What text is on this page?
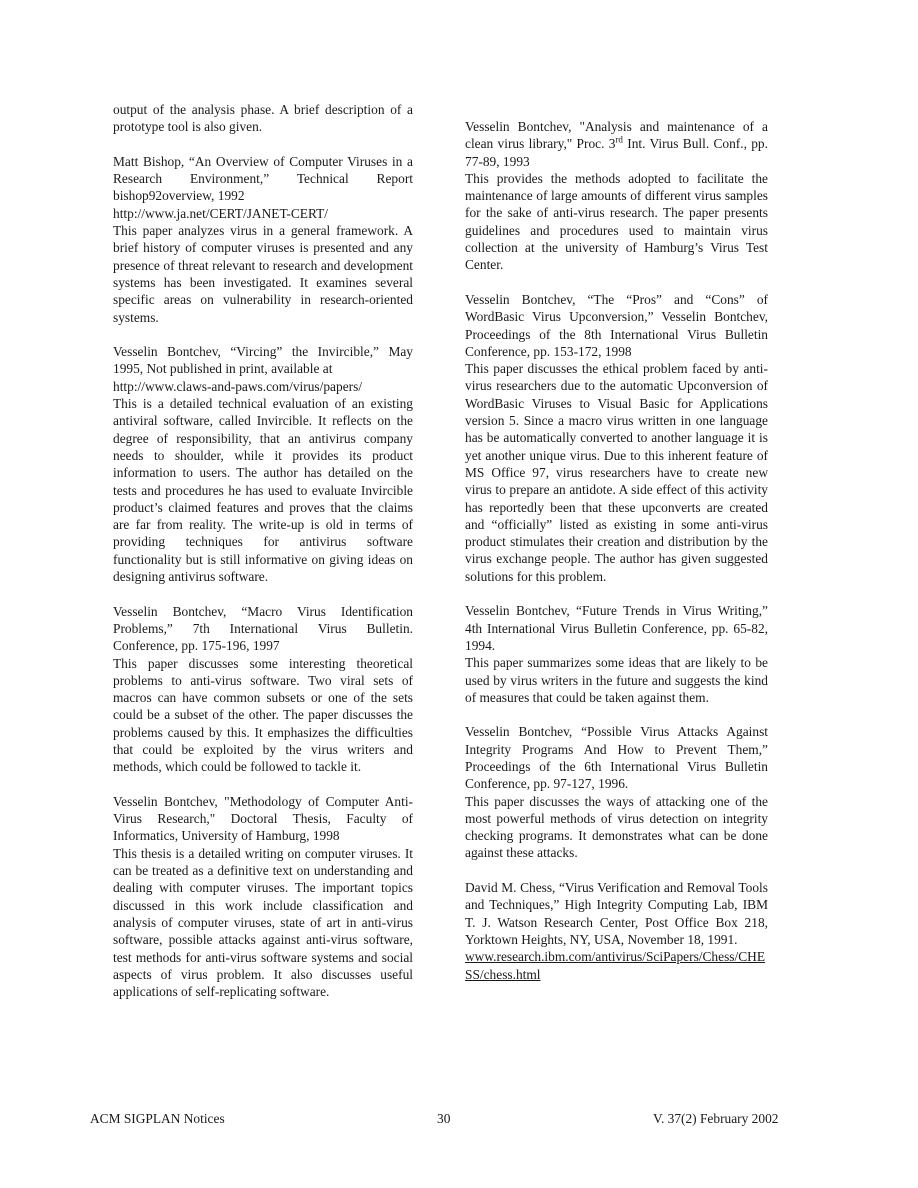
output of the analysis phase. A brief description of a prototype tool is also given.

Matt Bishop, “An Overview of Computer Viruses in a Research Environment,” Technical Report bishop92overview, 1992

http://www.ja.net/CERT/JANET-CERT/

This paper analyzes virus in a general framework. A brief history of computer viruses is presented and any presence of threat relevant to research and development systems has been investigated. It examines several specific areas on vulnerability in research-oriented systems.

Vesselin Bontchev, “Vircing” the Invircible,” May 1995, Not published in print, available at

http://www.claws-and-paws.com/virus/papers/

This is a detailed technical evaluation of an existing antiviral software, called Invircible. It reflects on the degree of responsibility, that an antivirus company needs to shoulder, while it provides its product information to users. The author has detailed on the tests and procedures he has used to evaluate Invircible product’s claimed features and proves that the claims are far from reality. The write-up is old in terms of providing techniques for antivirus software functionality but is still informative on giving ideas on designing antivirus software.

Vesselin Bontchev, “Macro Virus Identification Problems,” 7th International Virus Bulletin. Conference, pp. 175-196, 1997

This paper discusses some interesting theoretical problems to anti-virus software. Two viral sets of macros can have common subsets or one of the sets could be a subset of the other. The paper discusses the problems caused by this. It emphasizes the difficulties that could be exploited by the virus writers and methods, which could be followed to tackle it.

Vesselin Bontchev, "Methodology of Computer Anti-Virus Research," Doctoral Thesis, Faculty of Informatics, University of Hamburg, 1998

This thesis is a detailed writing on computer viruses. It can be treated as a definitive text on understanding and dealing with computer viruses. The important topics discussed in this work include classification and analysis of computer viruses, state of art in anti-virus software, possible attacks against anti-virus software, test methods for anti-virus software systems and social aspects of virus problem. It also discusses useful applications of self-replicating software.

Vesselin Bontchev, "Analysis and maintenance of a clean virus library," Proc. 3rd Int. Virus Bull. Conf., pp. 77-89, 1993

This provides the methods adopted to facilitate the maintenance of large amounts of different virus samples for the sake of anti-virus research. The paper presents guidelines and procedures used to maintain virus collection at the university of Hamburg’s Virus Test Center.

Vesselin Bontchev, “The “Pros” and “Cons” of WordBasic Virus Upconversion,” Vesselin Bontchev, Proceedings of the 8th International Virus Bulletin Conference, pp. 153-172, 1998

This paper discusses the ethical problem faced by anti-virus researchers due to the automatic Upconversion of WordBasic Viruses to Visual Basic for Applications version 5. Since a macro virus written in one language has be automatically converted to another language it is yet another unique virus. Due to this inherent feature of MS Office 97, virus researchers have to create new virus to prepare an antidote. A side effect of this activity has reportedly been that these upconverts are created and “officially” listed as existing in some anti-virus product stimulates their creation and distribution by the virus exchange people. The author has given suggested solutions for this problem.

Vesselin Bontchev, “Future Trends in Virus Writing,” 4th International Virus Bulletin Conference, pp. 65-82, 1994.

This paper summarizes some ideas that are likely to be used by virus writers in the future and suggests the kind of measures that could be taken against them.

Vesselin Bontchev, “Possible Virus Attacks Against Integrity Programs And How to Prevent Them,” Proceedings of the 6th International Virus Bulletin Conference, pp. 97-127, 1996.

This paper discusses the ways of attacking one of the most powerful methods of virus detection on integrity checking programs. It demonstrates what can be done against these attacks.

David M. Chess, “Virus Verification and Removal Tools and Techniques,” High Integrity Computing Lab, IBM T. J. Watson Research Center, Post Office Box 218, Yorktown Heights, NY, USA, November 18, 1991.

www.research.ibm.com/antivirus/SciPapers/Chess/CHESS/chess.html

ACM SIGPLAN Notices	30	V. 37(2) February 2002
